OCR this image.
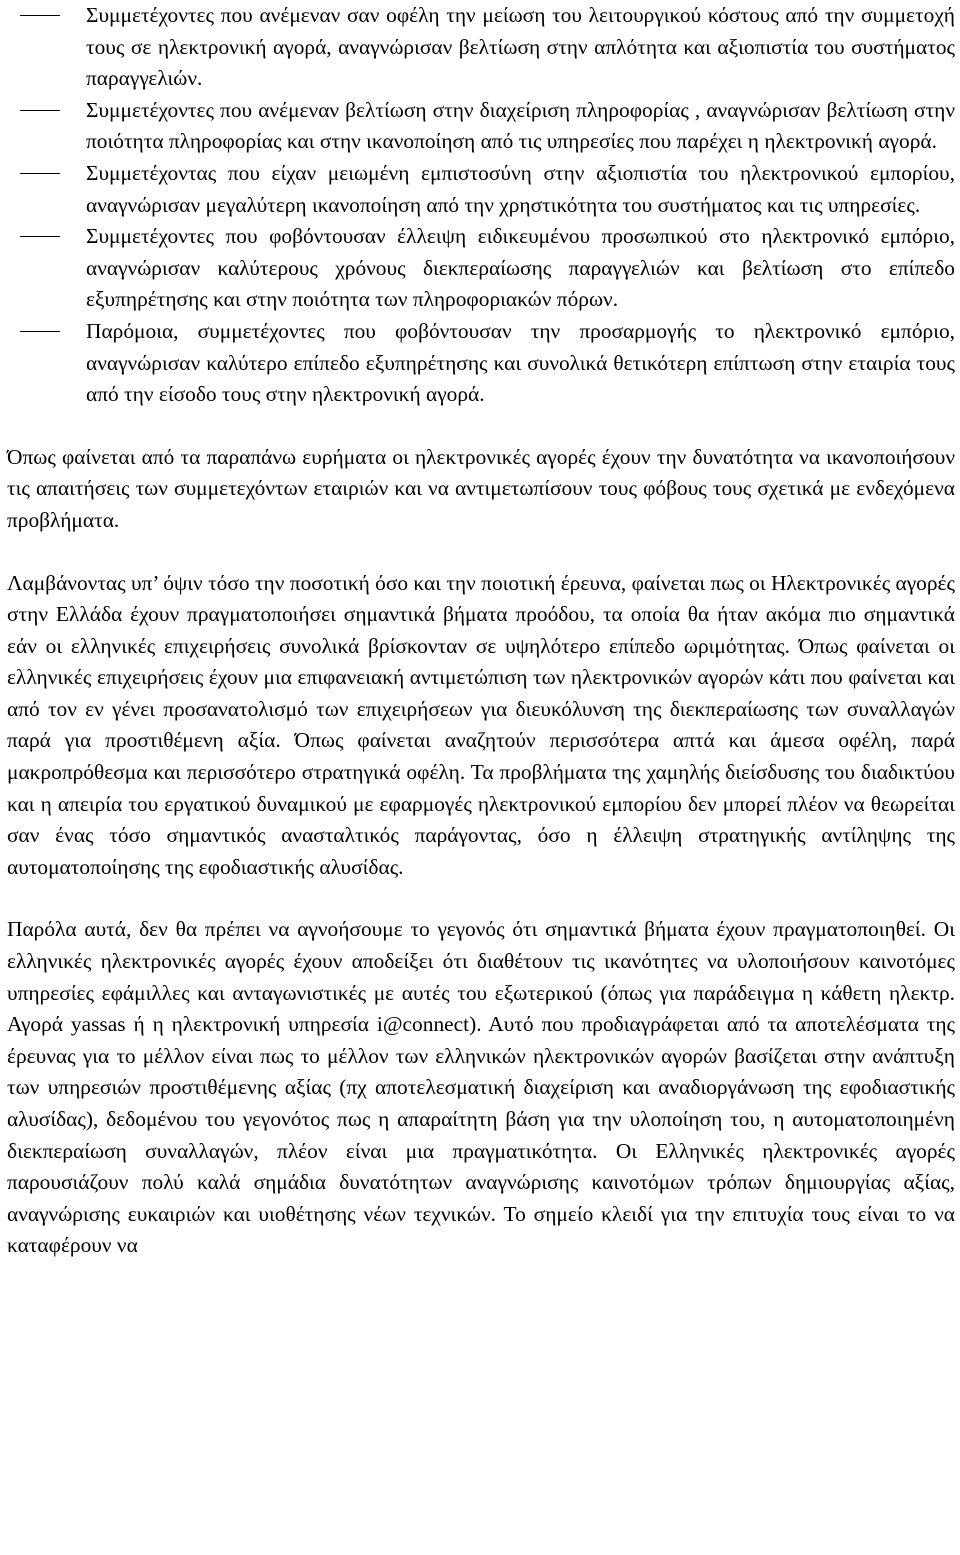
Συμμετέχοντες που ανέμεναν σαν οφέλη την μείωση του λειτουργικού κόστους από την συμμετοχή τους σε ηλεκτρονική αγορά, αναγνώρισαν βελτίωση στην απλότητα και αξιοπιστία του συστήματος παραγγελιών.
Συμμετέχοντες που ανέμεναν βελτίωση στην διαχείριση πληροφορίας , αναγνώρισαν βελτίωση στην ποιότητα πληροφορίας και στην ικανοποίηση από τις υπηρεσίες που παρέχει η ηλεκτρονική αγορά.
Συμμετέχοντας που είχαν μειωμένη εμπιστοσύνη στην αξιοπιστία του ηλεκτρονικού εμπορίου, αναγνώρισαν μεγαλύτερη ικανοποίηση από την χρηστικότητα του συστήματος και τις υπηρεσίες.
Συμμετέχοντες που φοβόντουσαν έλλειψη ειδικευμένου προσωπικού στο ηλεκτρονικό εμπόριο, αναγνώρισαν καλύτερους χρόνους διεκπεραίωσης παραγγελιών και βελτίωση στο επίπεδο εξυπηρέτησης και στην ποιότητα των πληροφοριακών πόρων.
Παρόμοια, συμμετέχοντες που φοβόντουσαν την προσαρμογής το ηλεκτρονικό εμπόριο, αναγνώρισαν καλύτερο επίπεδο εξυπηρέτησης και συνολικά θετικότερη επίπτωση στην εταιρία τους από την είσοδο τους στην ηλεκτρονική αγορά.

Όπως φαίνεται από τα παραπάνω ευρήματα οι ηλεκτρονικές αγορές έχουν την δυνατότητα να ικανοποιήσουν τις απαιτήσεις των συμμετεχόντων εταιριών και να αντιμετωπίσουν τους φόβους τους σχετικά με ενδεχόμενα προβλήματα.

Λαμβάνοντας υπ’ όψιν τόσο την ποσοτική όσο και την ποιοτική έρευνα, φαίνεται πως οι Ηλεκτρονικές αγορές στην Ελλάδα έχουν πραγματοποιήσει σημαντικά βήματα προόδου, τα οποία θα ήταν ακόμα πιο σημαντικά εάν οι ελληνικές επιχειρήσεις συνολικά βρίσκονταν σε υψηλότερο επίπεδο ωριμότητας. Όπως φαίνεται οι ελληνικές επιχειρήσεις έχουν μια επιφανειακή αντιμετώπιση των ηλεκτρονικών αγορών κάτι που φαίνεται και από τον εν γένει προσανατολισμό των επιχειρήσεων για διευκόλυνση της διεκπεραίωσης των συναλλαγών παρά για προστιθέμενη αξία. Όπως φαίνεται αναζητούν περισσότερα απτά και άμεσα οφέλη, παρά μακροπρόθεσμα και περισσότερο στρατηγικά οφέλη. Τα προβλήματα της χαμηλής διείσδυσης του διαδικτύου και η απειρία του εργατικού δυναμικού με εφαρμογές ηλεκτρονικού εμπορίου δεν μπορεί πλέον να θεωρείται σαν ένας τόσο σημαντικός ανασταλτικός παράγοντας, όσο η έλλειψη στρατηγικής αντίληψης της αυτοματοποίησης της εφοδιαστικής αλυσίδας.

Παρόλα αυτά, δεν θα πρέπει να αγνοήσουμε το γεγονός ότι σημαντικά βήματα έχουν πραγματοποιηθεί. Οι ελληνικές ηλεκτρονικές αγορές έχουν αποδείξει ότι διαθέτουν τις ικανότητες να υλοποιήσουν καινοτόμες υπηρεσίες εφάμιλλες και ανταγωνιστικές με αυτές του εξωτερικού (όπως για παράδειγμα η κάθετη ηλεκτρ. Αγορά yassas ή η ηλεκτρονική υπηρεσία i@connect). Αυτό που προδιαγράφεται από τα αποτελέσματα της έρευνας για το μέλλον είναι πως το μέλλον των ελληνικών ηλεκτρονικών αγορών βασίζεται στην ανάπτυξη των υπηρεσιών προστιθέμενης αξίας (πχ αποτελεσματική διαχείριση και αναδιοργάνωση της εφοδιαστικής αλυσίδας), δεδομένου του γεγονότος πως η απαραίτητη βάση για την υλοποίηση του, η αυτοματοποιημένη διεκπεραίωση συναλλαγών, πλέον είναι μια πραγματικότητα. Οι Ελληνικές ηλεκτρονικές αγορές παρουσιάζουν πολύ καλά σημάδια δυνατότητων αναγνώρισης καινοτόμων τρόπων δημιουργίας αξίας, αναγνώρισης ευκαιριών και υιοθέτησης νέων τεχνικών. Το σημείο κλειδί για την επιτυχία τους είναι το να καταφέρουν να
